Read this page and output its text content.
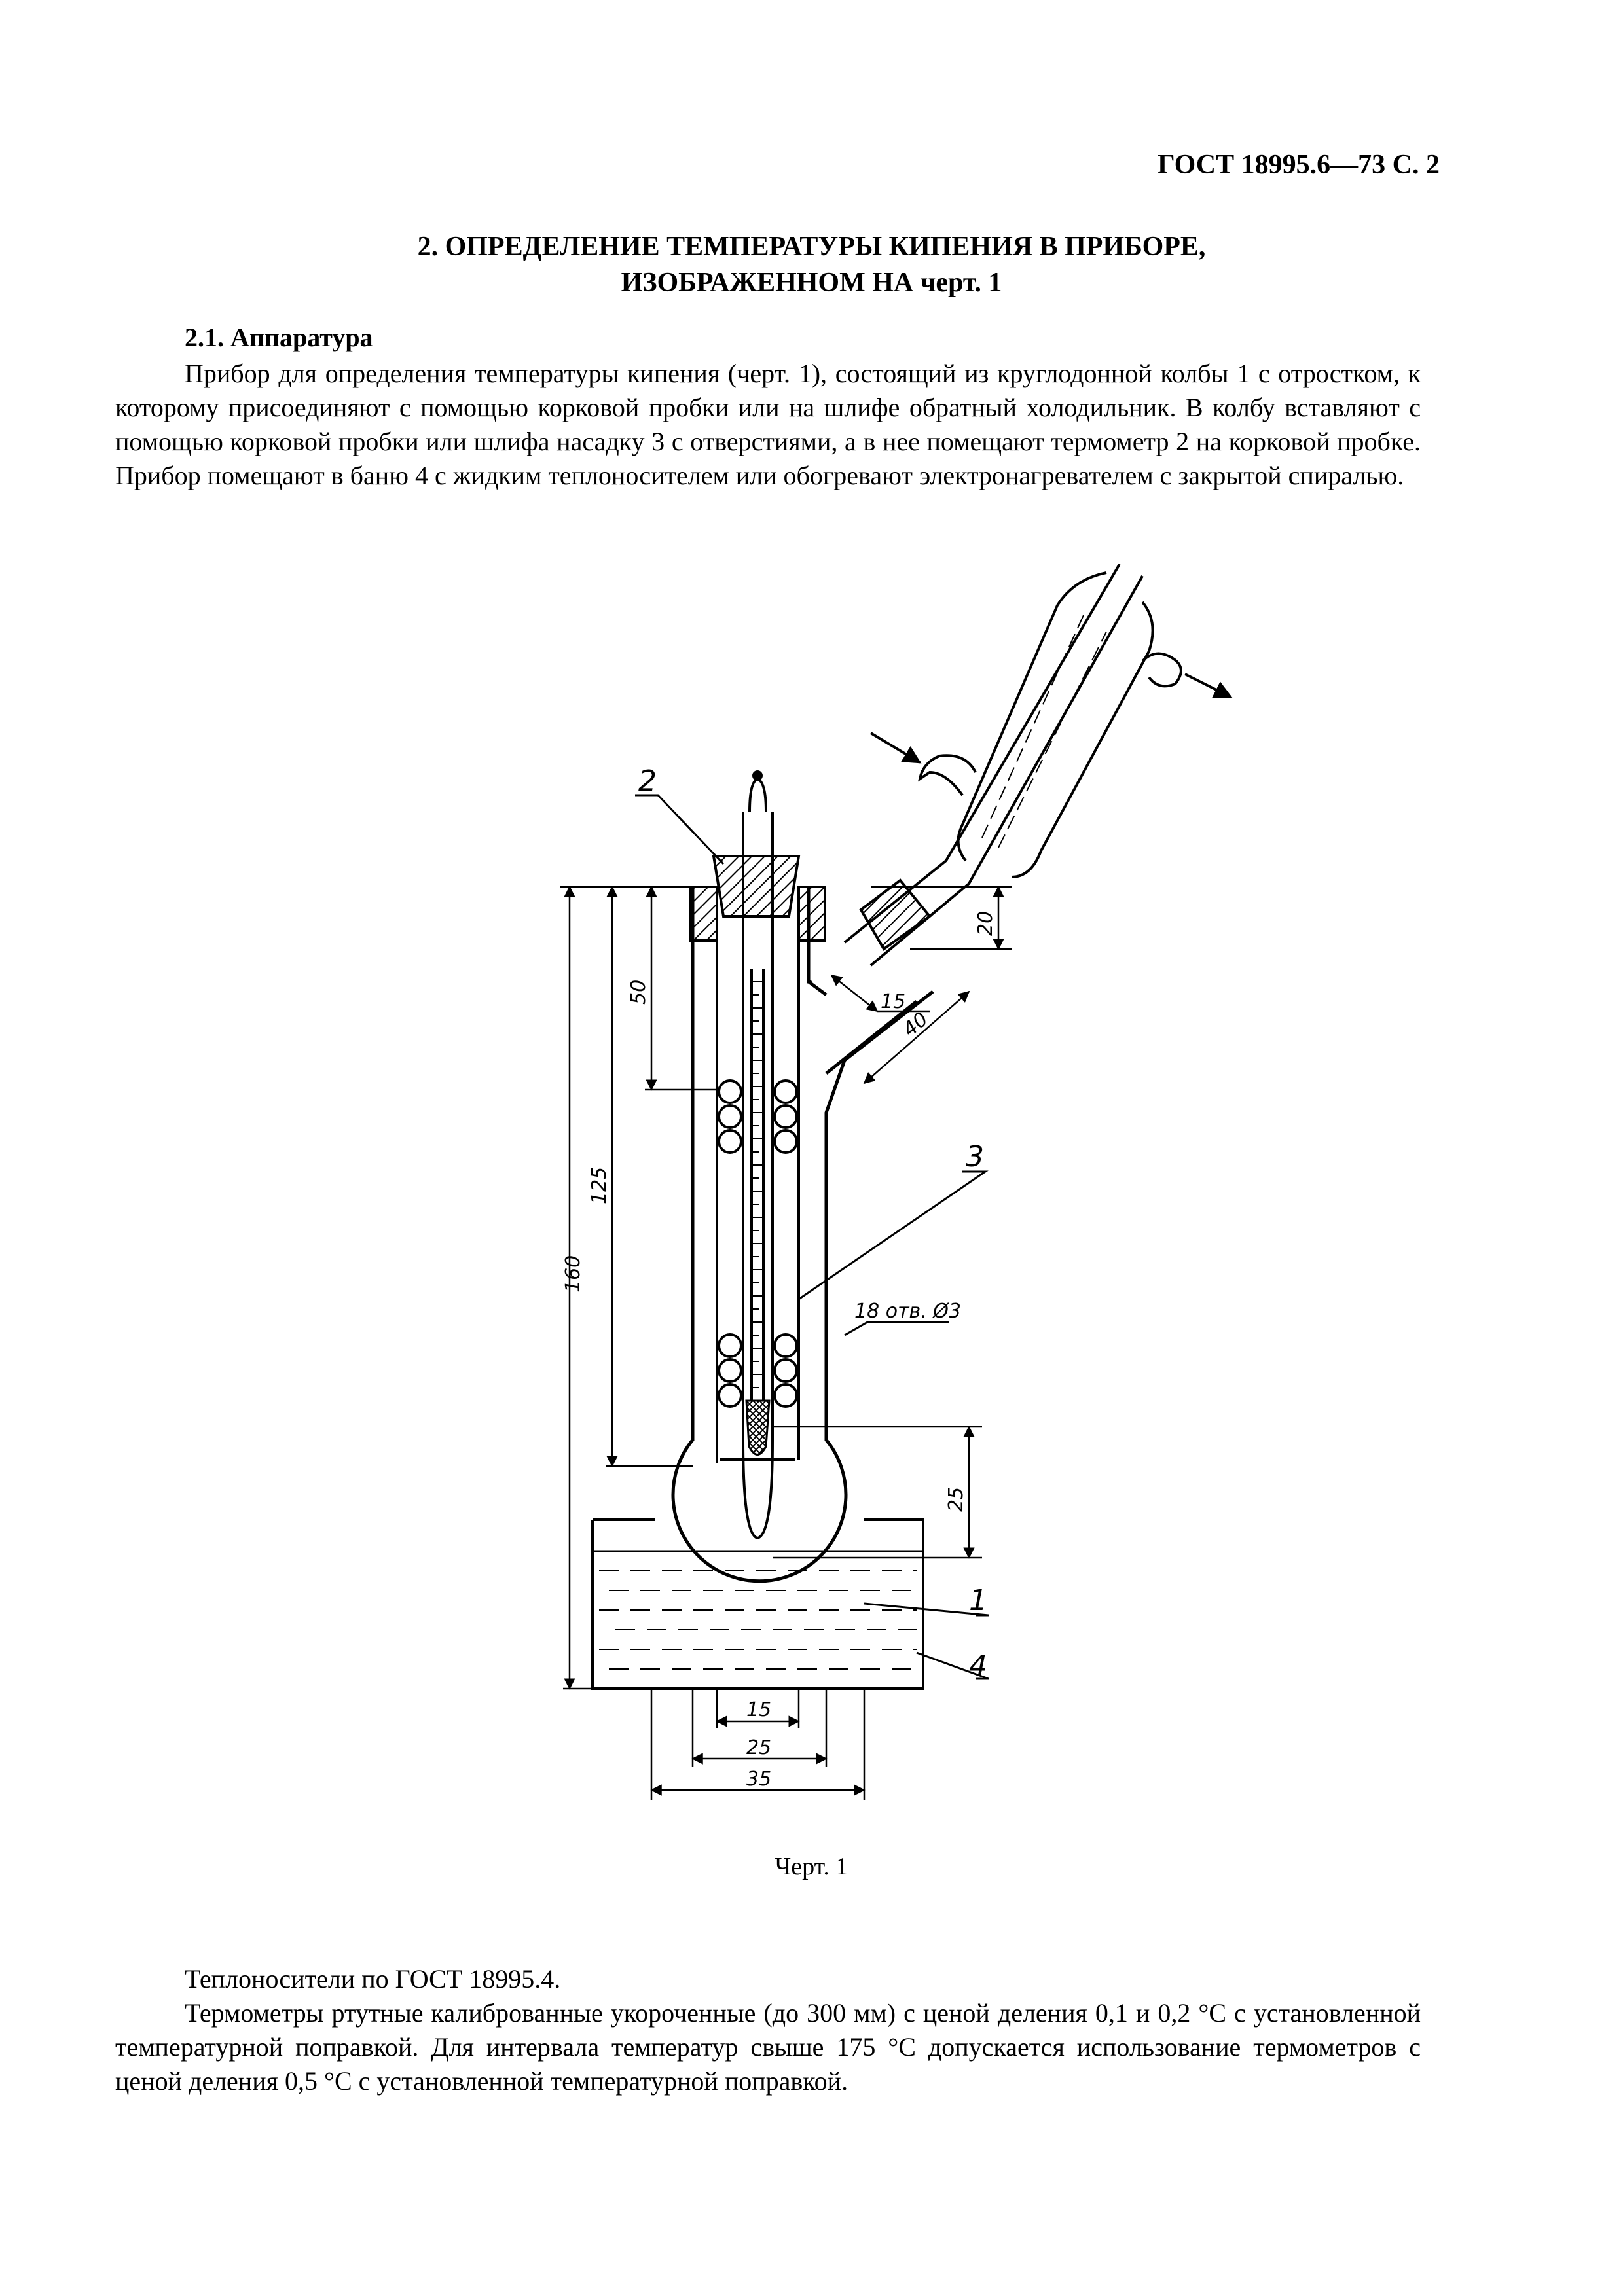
ГОСТ 18995.6—73 С. 2
2. ОПРЕДЕЛЕНИЕ ТЕМПЕРАТУРЫ КИПЕНИЯ В ПРИБОРЕ,
ИЗОБРАЖЕННОМ НА черт. 1
2.1. Аппаратура

Прибор для определения температуры кипения (черт. 1), состоящий из круглодонной колбы 1 с отростком, к которому присоединяют с помощью корковой пробки или на шлифе обратный холодильник. В колбу вставляют с помощью корковой пробки или шлифа насадку 3 с отверстиями, а в нее помещают термометр 2 на корковой пробке. Прибор помещают в баню 4 с жидким теплоносителем или обогревают электронагревателем с закрытой спиралью.

160
125
50
25
20
15
40
15
25
35
18 отв. Ø3
2
3
1
4
Черт. 1

Теплоносители по ГОСТ 18995.4.

Термометры ртутные калиброванные укороченные (до 300 мм) с ценой деления 0,1 и 0,2 °С с установленной температурной поправкой. Для интервала температур свыше 175 °С допускается использование термометров с ценой деления 0,5 °С с установленной температурной поправкой.
